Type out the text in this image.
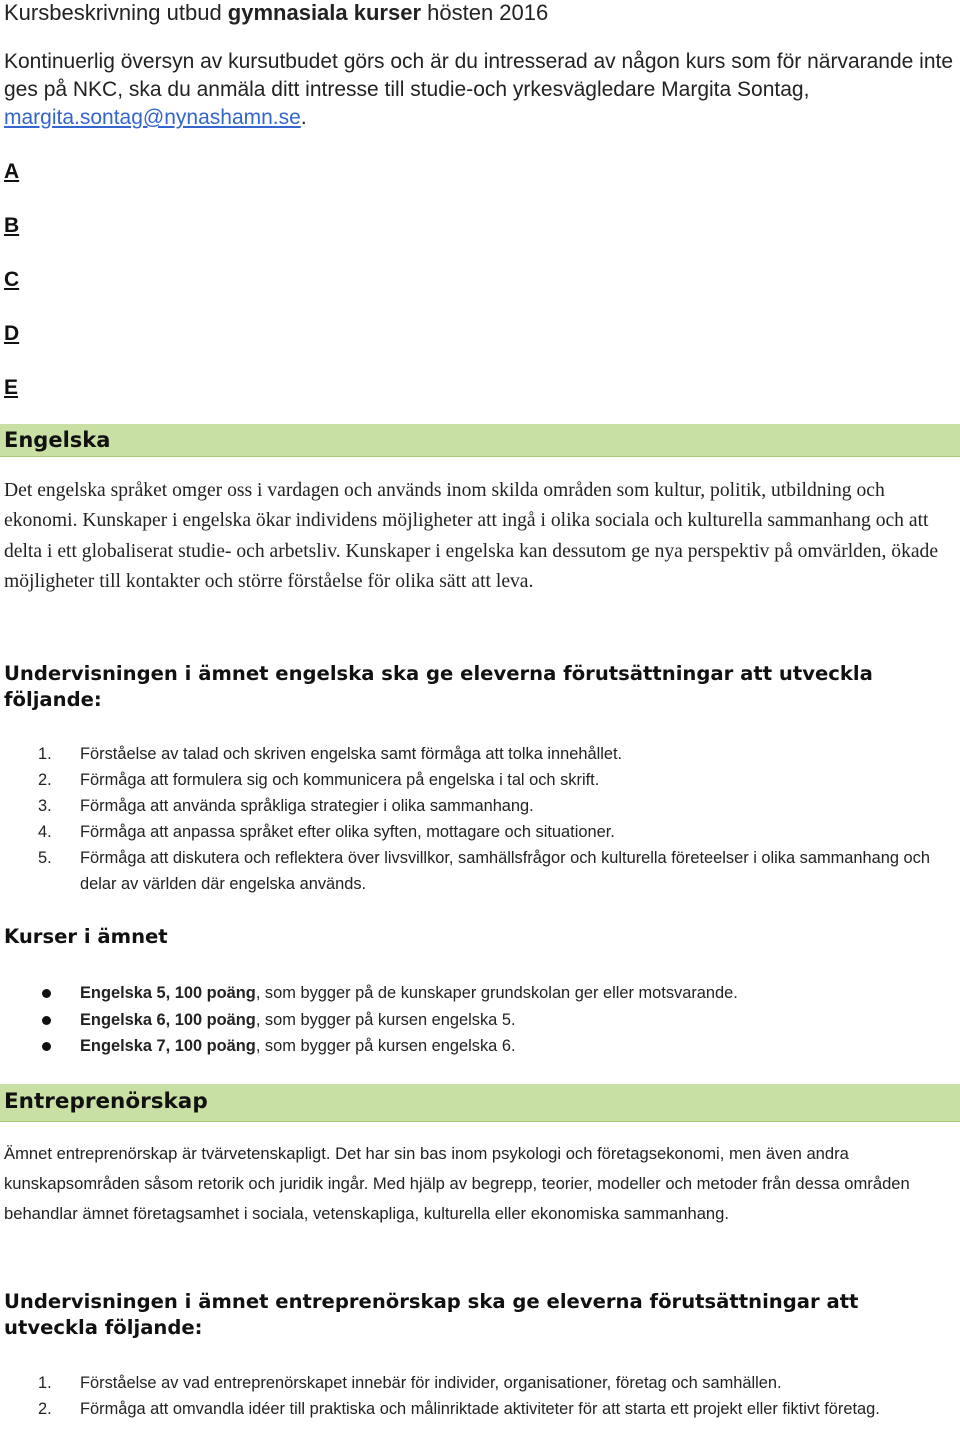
Kursbeskrivning utbud gymnasiala kurser hösten 2016
Kontinuerlig översyn av kursutbudet görs och är du intresserad av någon kurs som för närvarande inte ges på NKC, ska du anmäla ditt intresse till studie-och yrkesvägledare Margita Sontag, margita.sontag@nynashamn.se.
A
B
C
D
E
Engelska
Det engelska språket omger oss i vardagen och används inom skilda områden som kultur, politik, utbildning och ekonomi. Kunskaper i engelska ökar individens möjligheter att ingå i olika sociala och kulturella sammanhang och att delta i ett globaliserat studie- och arbetsliv. Kunskaper i engelska kan dessutom ge nya perspektiv på omvärlden, ökade möjligheter till kontakter och större förståelse för olika sätt att leva.
Undervisningen i ämnet engelska ska ge eleverna förutsättningar att utveckla följande:
1. Förståelse av talad och skriven engelska samt förmåga att tolka innehållet.
2. Förmåga att formulera sig och kommunicera på engelska i tal och skrift.
3. Förmåga att använda språkliga strategier i olika sammanhang.
4. Förmåga att anpassa språket efter olika syften, mottagare och situationer.
5. Förmåga att diskutera och reflektera över livsvillkor, samhällsfrågor och kulturella företeelser i olika sammanhang och delar av världen där engelska används.
Kurser i ämnet
Engelska 5, 100 poäng, som bygger på de kunskaper grundskolan ger eller motsvarande.
Engelska 6, 100 poäng, som bygger på kursen engelska 5.
Engelska 7, 100 poäng, som bygger på kursen engelska 6.
Entreprenörskap
Ämnet entreprenörskap är tvärvetenskapligt. Det har sin bas inom psykologi och företagsekonomi, men även andra kunskapsområden såsom retorik och juridik ingår. Med hjälp av begrepp, teorier, modeller och metoder från dessa områden behandlar ämnet företagsamhet i sociala, vetenskapliga, kulturella eller ekonomiska sammanhang.
Undervisningen i ämnet entreprenörskap ska ge eleverna förutsättningar att utveckla följande:
1. Förståelse av vad entreprenörskapet innebär för individer, organisationer, företag och samhällen.
2. Förmåga att omvandla idéer till praktiska och målinriktade aktiviteter för att starta ett projekt eller fiktivt företag.
